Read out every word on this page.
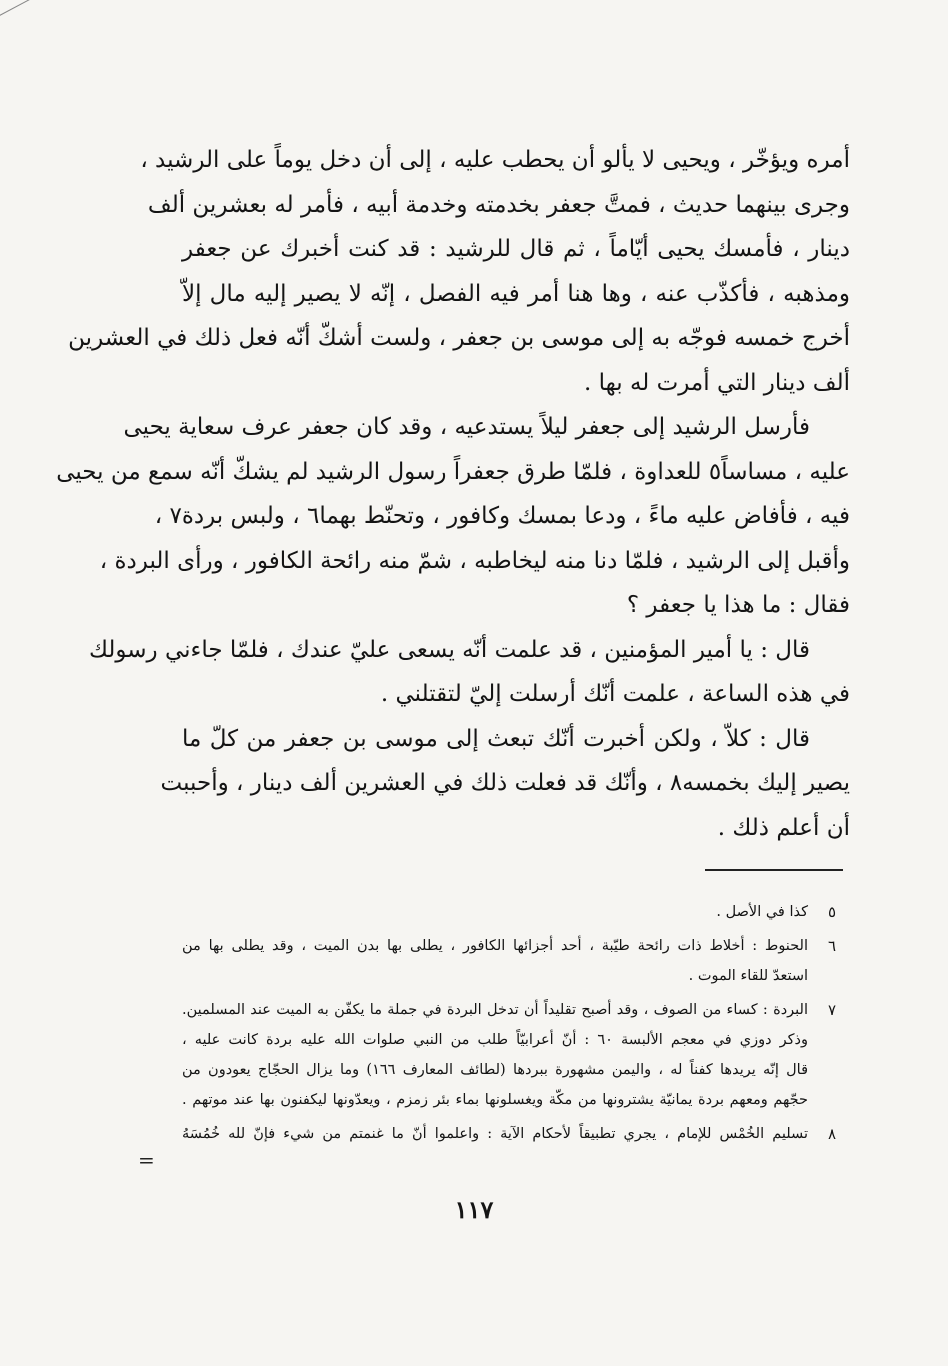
أمره ويؤخّر ، ويحيى لا يألو أن يحطب عليه ، إلى أن دخل يوماً على الرشيد ،
وجرى بينهما حديث ، فمتَّ جعفر بخدمته وخدمة أبيه ، فأمر له بعشرين ألف
دينار ، فأمسك يحيى أيّاماً ، ثم قال للرشيد : قد كنت أخبرك عن جعفر
ومذهبه ، فأكذّب عنه ، وها هنا أمر فيه الفصل ، إنّه لا يصير إليه مال إلاّ
أخرج خمسه فوجّه به إلى موسى بن جعفر ، ولست أشكّ أنّه فعل ذلك في العشرين
ألف دينار التي أمرت له بها .
فأرسل الرشيد إلى جعفر ليلاً يستدعيه ، وقد كان جعفر عرف سعاية يحيى
عليه ، مساساً٥ للعداوة ، فلمّا طرق جعفراً رسول الرشيد لم يشكّ أنّه سمع من يحيى
فيه ، فأفاض عليه ماءً ، ودعا بمسك وكافور ، وتحنّط بهما٦ ، ولبس بردة٧ ،
وأقبل إلى الرشيد ، فلمّا دنا منه ليخاطبه ، شمّ منه رائحة الكافور ، ورأى البردة ،
فقال : ما هذا يا جعفر ؟
قال : يا أمير المؤمنين ، قد علمت أنّه يسعى عليّ عندك ، فلمّا جاءني رسولك
في هذه الساعة ، علمت أنّك أرسلت إليّ لتقتلني .
قال : كلاّ ، ولكن أخبرت أنّك تبعث إلى موسى بن جعفر من كلّ ما
يصير إليك بخمسه٨ ، وأنّك قد فعلت ذلك في العشرين ألف دينار ، وأحببت
أن أعلم ذلك .
٥
كذا في الأصل .
٦
الحنوط : أخلاط ذات رائحة طيّبة ، أحد أجزائها الكافور ، يطلى بها بدن الميت ، وقد يطلى بها من
استعدّ للقاء الموت .
٧
البردة : كساء من الصوف ، وقد أصبح تقليداً أن تدخل البردة في جملة ما يكفّن به الميت عند المسلمين.
وذكر دوزي في معجم الألبسة ٦٠ : أنّ أعرابيّاً طلب من النبي صلوات الله عليه بردة كانت عليه ،
قال إنّه يريدها كفناً له ، واليمن مشهورة ببردها (لطائف المعارف ١٦٦) وما يزال الحجّاج يعودون من
حجّهم ومعهم بردة يمانيّة يشترونها من مكّة ويغسلونها بماء بئر زمزم ، ويعدّونها ليكفنون بها عند موتهم .
٨
تسليم الخُمْس للإمام ، يجري تطبيقاً لأحكام الآية : واعلموا أنّ ما غنمتم من شيء فإنّ لله خُمُسَهُ
=
١١٧
